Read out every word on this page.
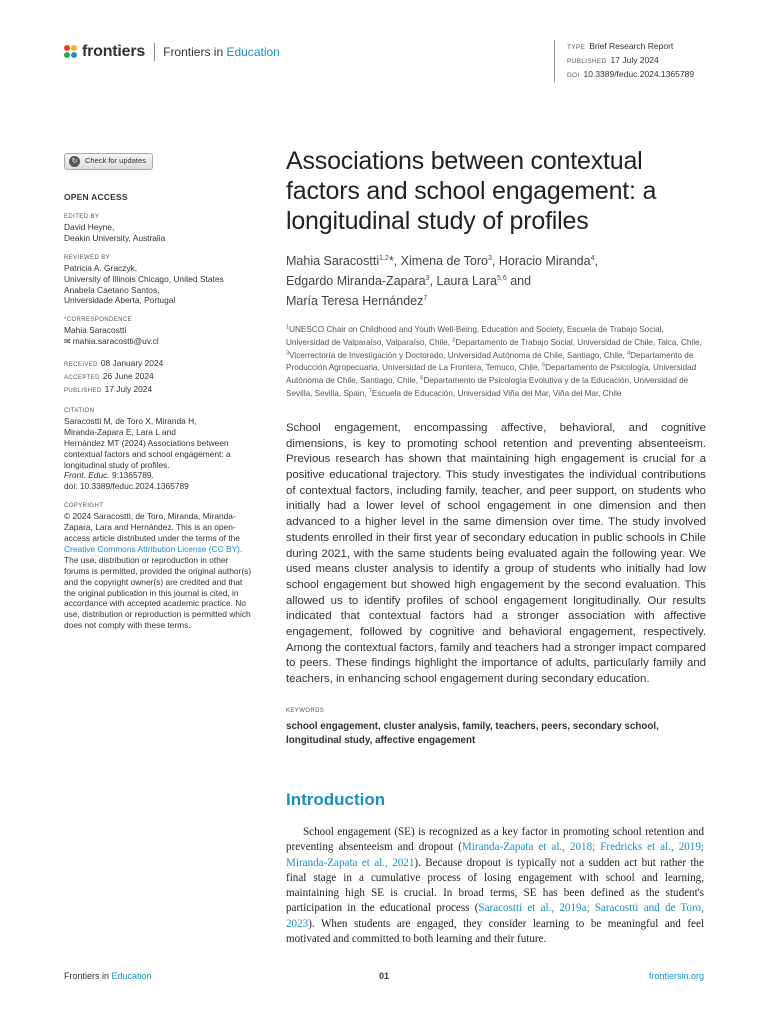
frontiers Frontiers in Education	TYPE Brief Research Report
PUBLISHED 17 July 2024
DOI 10.3389/feduc.2024.1365789
↻	Check for updates
OPEN ACCESS
EDITED BY

David Heyne,

Deakin University, Australia

REVIEWED BY

Patricia A. Graczyk,

University of Illinois Chicago, United States

Anabela Caetano Santos,

Universidade Aberta, Portugal

*CORRESPONDENCE

Mahia Saracostti

✉ mahia.saracostti@uv.cl

RECEIVED 08 January 2024

ACCEPTED 26 June 2024

PUBLISHED 17 July 2024

CITATION

Saracostti M, de Toro X, Miranda H,

Miranda-Zapara E, Lara L and

Hernández MT (2024) Associations between

contextual factors and school engagement: a

longitudinal study of profiles.

Front. Educ. 9:1365789.

doi: 10.3389/feduc.2024.1365789

COPYRIGHT

© 2024 Saracostti, de Toro, Miranda, Miranda-Zapara, Lara and Hernández. This is an open-access article distributed under the terms of the Creative Commons Attribution License (CC BY). The use, distribution or reproduction in other forums is permitted, provided the original author(s) and the copyright owner(s) are credited and that the original publication in this journal is cited, in accordance with accepted academic practice. No use, distribution or reproduction is permitted which does not comply with these terms.

Associations between contextual factors and school engagement: a longitudinal study of profiles
Mahia Saracostti$^{1,2}$*, Ximena de Toro$^3$, Horacio Miranda$^4$,
Edgardo Miranda-Zapara$^3$, Laura Lara$^{5,6}$ and
María Teresa Hernández$^7$
$^1$UNESCO Chair on Childhood and Youth Well-Being, Education and Society, Escuela de Trabajo Social, Universidad de Valparaíso, Valparaíso, Chile, $^2$Departamento de Trabajo Social, Universidad de Chile, Talca, Chile, $^3$Vicerrectoría de Investigación y Doctorado, Universidad Autónoma de Chile, Santiago, Chile, $^4$Departamento de Producción Agropecuaria, Universidad de La Frontera, Temuco, Chile, $^5$Departamento de Psicología, Universidad Autónoma de Chile, Santiago, Chile, $^6$Departamento de Psicología Evolutiva y de la Educación, Universidad de Sevilla, Sevilla, Spain, $^7$Escuela de Educación, Universidad Viña del Mar, Viña del Mar, Chile

School engagement, encompassing affective, behavioral, and cognitive dimensions, is key to promoting school retention and preventing absenteeism. Previous research has shown that maintaining high engagement is crucial for a positive educational trajectory. This study investigates the individual contributions of contextual factors, including family, teacher, and peer support, on students who initially had a lower level of school engagement in one dimension and then advanced to a higher level in the same dimension over time. The study involved students enrolled in their first year of secondary education in public schools in Chile during 2021, with the same students being evaluated again the following year. We used means cluster analysis to identify a group of students who initially had low school engagement but showed high engagement by the second evaluation. This allowed us to identify profiles of school engagement longitudinally. Our results indicated that contextual factors had a stronger association with affective engagement, followed by cognitive and behavioral engagement, respectively. Among the contextual factors, family and teachers had a stronger impact compared to peers. These findings highlight the importance of adults, particularly family and teachers, in enhancing school engagement during secondary education.

KEYWORDS
school engagement, cluster analysis, family, teachers, peers, secondary school, longitudinal study, affective engagement
Introduction

School engagement (SE) is recognized as a key factor in promoting school retention and preventing absenteeism and dropout (Miranda-Zapata et al., 2018; Fredricks et al., 2019; Miranda-Zapata et al., 2021). Because dropout is typically not a sudden act but rather the final stage in a cumulative process of losing engagement with school and learning, maintaining high SE is crucial. In broad terms, SE has been defined as the student's participation in the educational process (Saracostti et al., 2019a; Saracostti and de Toro, 2023). When students are engaged, they consider learning to be meaningful and feel motivated and committed to both learning and their future.

Frontiers in Education	01	frontiersin.org
